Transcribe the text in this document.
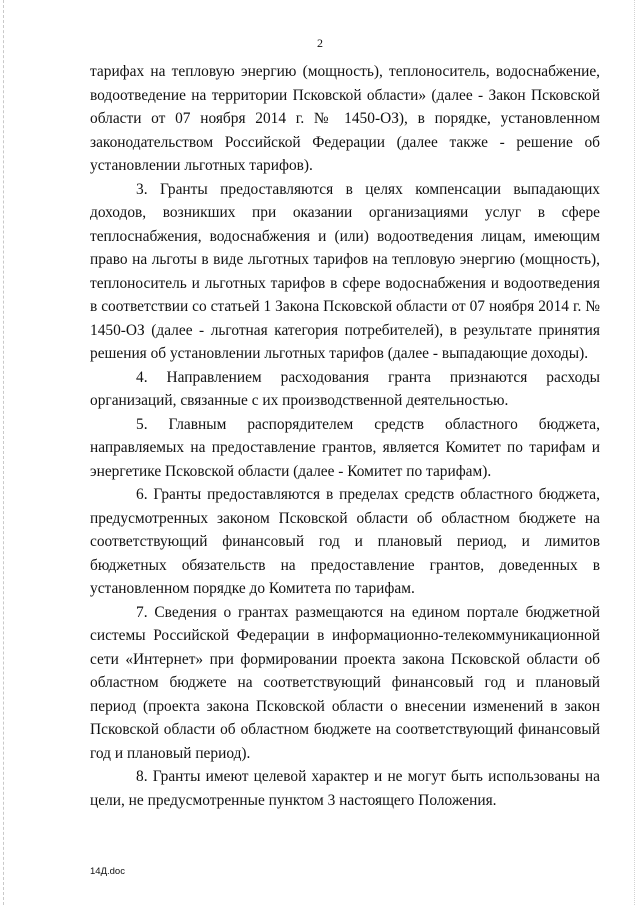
2

тарифах на тепловую энергию (мощность), теплоноситель, водоснабжение, водоотведение на территории Псковской области» (далее - Закон Псковской области от 07 ноября 2014 г. № 1450-ОЗ), в порядке, установленном законодательством Российской Федерации (далее также - решение об установлении льготных тарифов).

3. Гранты предоставляются в целях компенсации выпадающих доходов, возникших при оказании организациями услуг в сфере теплоснабжения, водоснабжения и (или) водоотведения лицам, имеющим право на льготы в виде льготных тарифов на тепловую энергию (мощность), теплоноситель и льготных тарифов в сфере водоснабжения и водоотведения в соответствии со статьей 1 Закона Псковской области от 07 ноября 2014 г. № 1450-ОЗ (далее - льготная категория потребителей), в результате принятия решения об установлении льготных тарифов (далее - выпадающие доходы).

4. Направлением расходования гранта признаются расходы организаций, связанные с их производственной деятельностью.

5. Главным распорядителем средств областного бюджета, направляемых на предоставление грантов, является Комитет по тарифам и энергетике Псковской области (далее - Комитет по тарифам).

6. Гранты предоставляются в пределах средств областного бюджета, предусмотренных законом Псковской области об областном бюджете на соответствующий финансовый год и плановый период, и лимитов бюджетных обязательств на предоставление грантов, доведенных в установленном порядке до Комитета по тарифам.

7. Сведения о грантах размещаются на едином портале бюджетной системы Российской Федерации в информационно-телекоммуникационной сети «Интернет» при формировании проекта закона Псковской области об областном бюджете на соответствующий финансовый год и плановый период (проекта закона Псковской области о внесении изменений в закон Псковской области об областном бюджете на соответствующий финансовый год и плановый период).

8. Гранты имеют целевой характер и не могут быть использованы на цели, не предусмотренные пунктом 3 настоящего Положения.

14Д.doc
